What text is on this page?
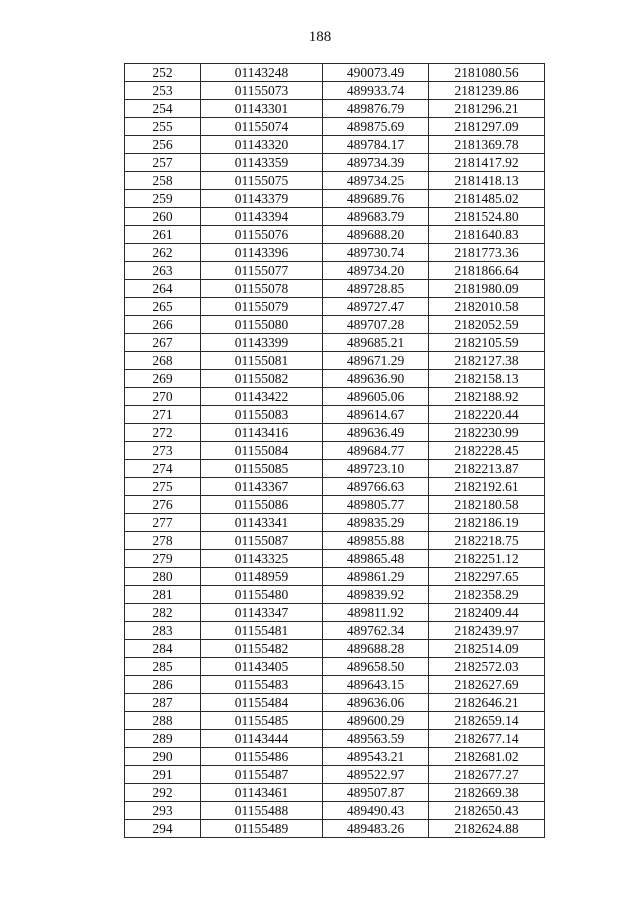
188
252	01143248	490073.49	2181080.56
253	01155073	489933.74	2181239.86
254	01143301	489876.79	2181296.21
255	01155074	489875.69	2181297.09
256	01143320	489784.17	2181369.78
257	01143359	489734.39	2181417.92
258	01155075	489734.25	2181418.13
259	01143379	489689.76	2181485.02
260	01143394	489683.79	2181524.80
261	01155076	489688.20	2181640.83
262	01143396	489730.74	2181773.36
263	01155077	489734.20	2181866.64
264	01155078	489728.85	2181980.09
265	01155079	489727.47	2182010.58
266	01155080	489707.28	2182052.59
267	01143399	489685.21	2182105.59
268	01155081	489671.29	2182127.38
269	01155082	489636.90	2182158.13
270	01143422	489605.06	2182188.92
271	01155083	489614.67	2182220.44
272	01143416	489636.49	2182230.99
273	01155084	489684.77	2182228.45
274	01155085	489723.10	2182213.87
275	01143367	489766.63	2182192.61
276	01155086	489805.77	2182180.58
277	01143341	489835.29	2182186.19
278	01155087	489855.88	2182218.75
279	01143325	489865.48	2182251.12
280	01148959	489861.29	2182297.65
281	01155480	489839.92	2182358.29
282	01143347	489811.92	2182409.44
283	01155481	489762.34	2182439.97
284	01155482	489688.28	2182514.09
285	01143405	489658.50	2182572.03
286	01155483	489643.15	2182627.69
287	01155484	489636.06	2182646.21
288	01155485	489600.29	2182659.14
289	01143444	489563.59	2182677.14
290	01155486	489543.21	2182681.02
291	01155487	489522.97	2182677.27
292	01143461	489507.87	2182669.38
293	01155488	489490.43	2182650.43
294	01155489	489483.26	2182624.88
